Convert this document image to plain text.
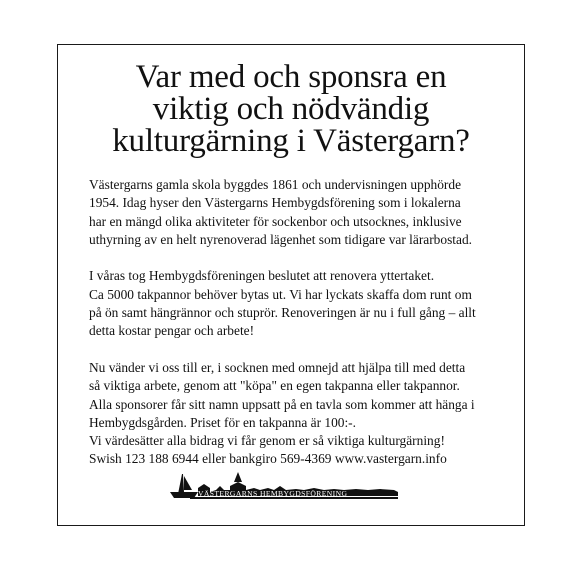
Var med och sponsra en
viktig och nödvändig
kulturgärning i Västergarn?

Västergarns gamla skola byggdes 1861 och undervisningen upphörde
1954. Idag hyser den Västergarns Hembygdsförening som i lokalerna
har en mängd olika aktiviteter för sockenbor och utsocknes, inklusive
uthyrning av en helt nyrenoverad lägenhet som tidigare var lärarbostad.

I våras tog Hembygdsföreningen beslutet att renovera yttertaket.
Ca 5000 takpannor behöver bytas ut. Vi har lyckats skaffa dom runt om
på ön samt hängrännor och stuprör. Renoveringen är nu i full gång – allt
detta kostar pengar och arbete!

Nu vänder vi oss till er, i socknen med omnejd att hjälpa till med detta
så viktiga arbete, genom att "köpa" en egen takpanna eller takpannor.
Alla sponsorer får sitt namn uppsatt på en tavla som kommer att hänga i
Hembygdsgården. Priset för en takpanna är 100:-.
Vi värdesätter alla bidrag vi får genom er så viktiga kulturgärning!
Swish 123 188 6944 eller bankgiro 569-4369 www.vastergarn.info

VÄSTERGARNS HEMBYGDSFÖRENING
